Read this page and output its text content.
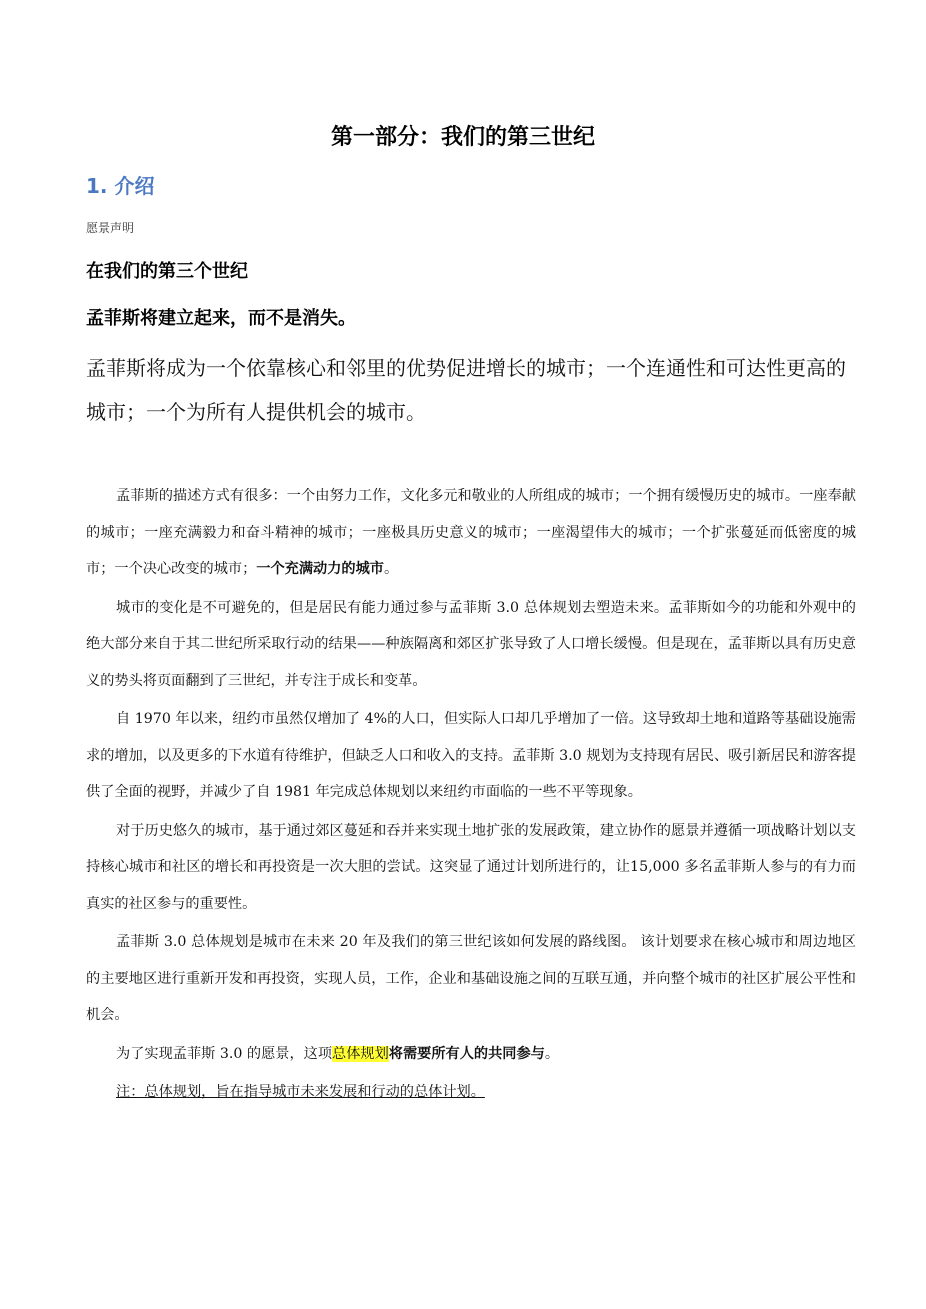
第一部分：我们的第三世纪
1. 介绍
愿景声明
在我们的第三个世纪
孟菲斯将建立起来，而不是消失。

孟菲斯将成为一个依靠核心和邻里的优势促进增长的城市；一个连通性和可达性更高的城市；一个为所有人提供机会的城市。

孟菲斯的描述方式有很多：一个由努力工作，文化多元和敬业的人所组成的城市；一个拥有缓慢历史的城市。一座奉献的城市；一座充满毅力和奋斗精神的城市；一座极具历史意义的城市；一座渴望伟大的城市；一个扩张蔓延而低密度的城市；一个决心改变的城市；一个充满动力的城市。

城市的变化是不可避免的，但是居民有能力通过参与孟菲斯 3.0 总体规划去塑造未来。孟菲斯如今的功能和外观中的绝大部分来自于其二世纪所采取行动的结果——种族隔离和郊区扩张导致了人口增长缓慢。但是现在，孟菲斯以具有历史意义的势头将页面翻到了三世纪，并专注于成长和变革。

自 1970 年以来，纽约市虽然仅增加了 4%的人口，但实际人口却几乎增加了一倍。这导致却土地和道路等基础设施需求的增加，以及更多的下水道有待维护，但缺乏人口和收入的支持。孟菲斯 3.0 规划为支持现有居民、吸引新居民和游客提供了全面的视野，并减少了自 1981 年完成总体规划以来纽约市面临的一些不平等现象。

对于历史悠久的城市，基于通过郊区蔓延和吞并来实现土地扩张的发展政策，建立协作的愿景并遵循一项战略计划以支持核心城市和社区的增长和再投资是一次大胆的尝试。这突显了通过计划所进行的，让15,000 多名孟菲斯人参与的有力而真实的社区参与的重要性。

孟菲斯 3.0 总体规划是城市在未来 20 年及我们的第三世纪该如何发展的路线图。 该计划要求在核心城市和周边地区的主要地区进行重新开发和再投资，实现人员，工作，企业和基础设施之间的互联互通，并向整个城市的社区扩展公平性和机会。

为了实现孟菲斯 3.0 的愿景，这项总体规划将需要所有人的共同参与。

注：总体规划，旨在指导城市未来发展和行动的总体计划。
